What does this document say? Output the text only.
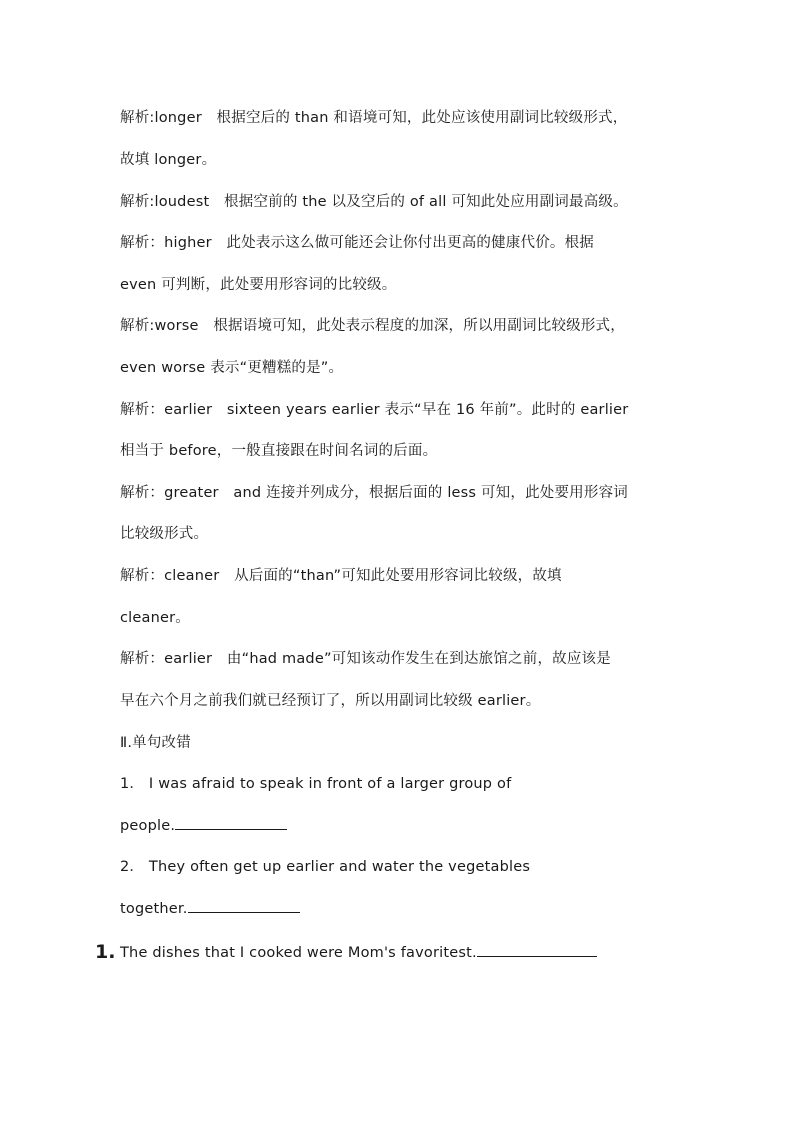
解析:longer　根据空后的 than 和语境可知，此处应该使用副词比较级形式，
故填 longer。
解析:loudest　根据空前的 the 以及空后的 of all 可知此处应用副词最高级。
解析：higher　此处表示这么做可能还会让你付出更高的健康代价。根据
even 可判断，此处要用形容词的比较级。
解析:worse　根据语境可知，此处表示程度的加深，所以用副词比较级形式，
even worse 表示“更糟糕的是”。
解析：earlier　sixteen years earlier 表示“早在 16 年前”。此时的 earlier
相当于 before，一般直接跟在时间名词的后面。
解析：greater　and 连接并列成分，根据后面的 less 可知，此处要用形容词
比较级形式。
解析：cleaner　从后面的“than”可知此处要用形容词比较级，故填
cleaner。
解析：earlier　由“had made”可知该动作发生在到达旅馆之前，故应该是
早在六个月之前我们就已经预订了，所以用副词比较级 earlier。
Ⅱ.单句改错
1． I was afraid to speak in front of a larger group of
people.
2． They often get up earlier and water the vegetables
together.
1. The dishes that I cooked were Mom's favoritest.
